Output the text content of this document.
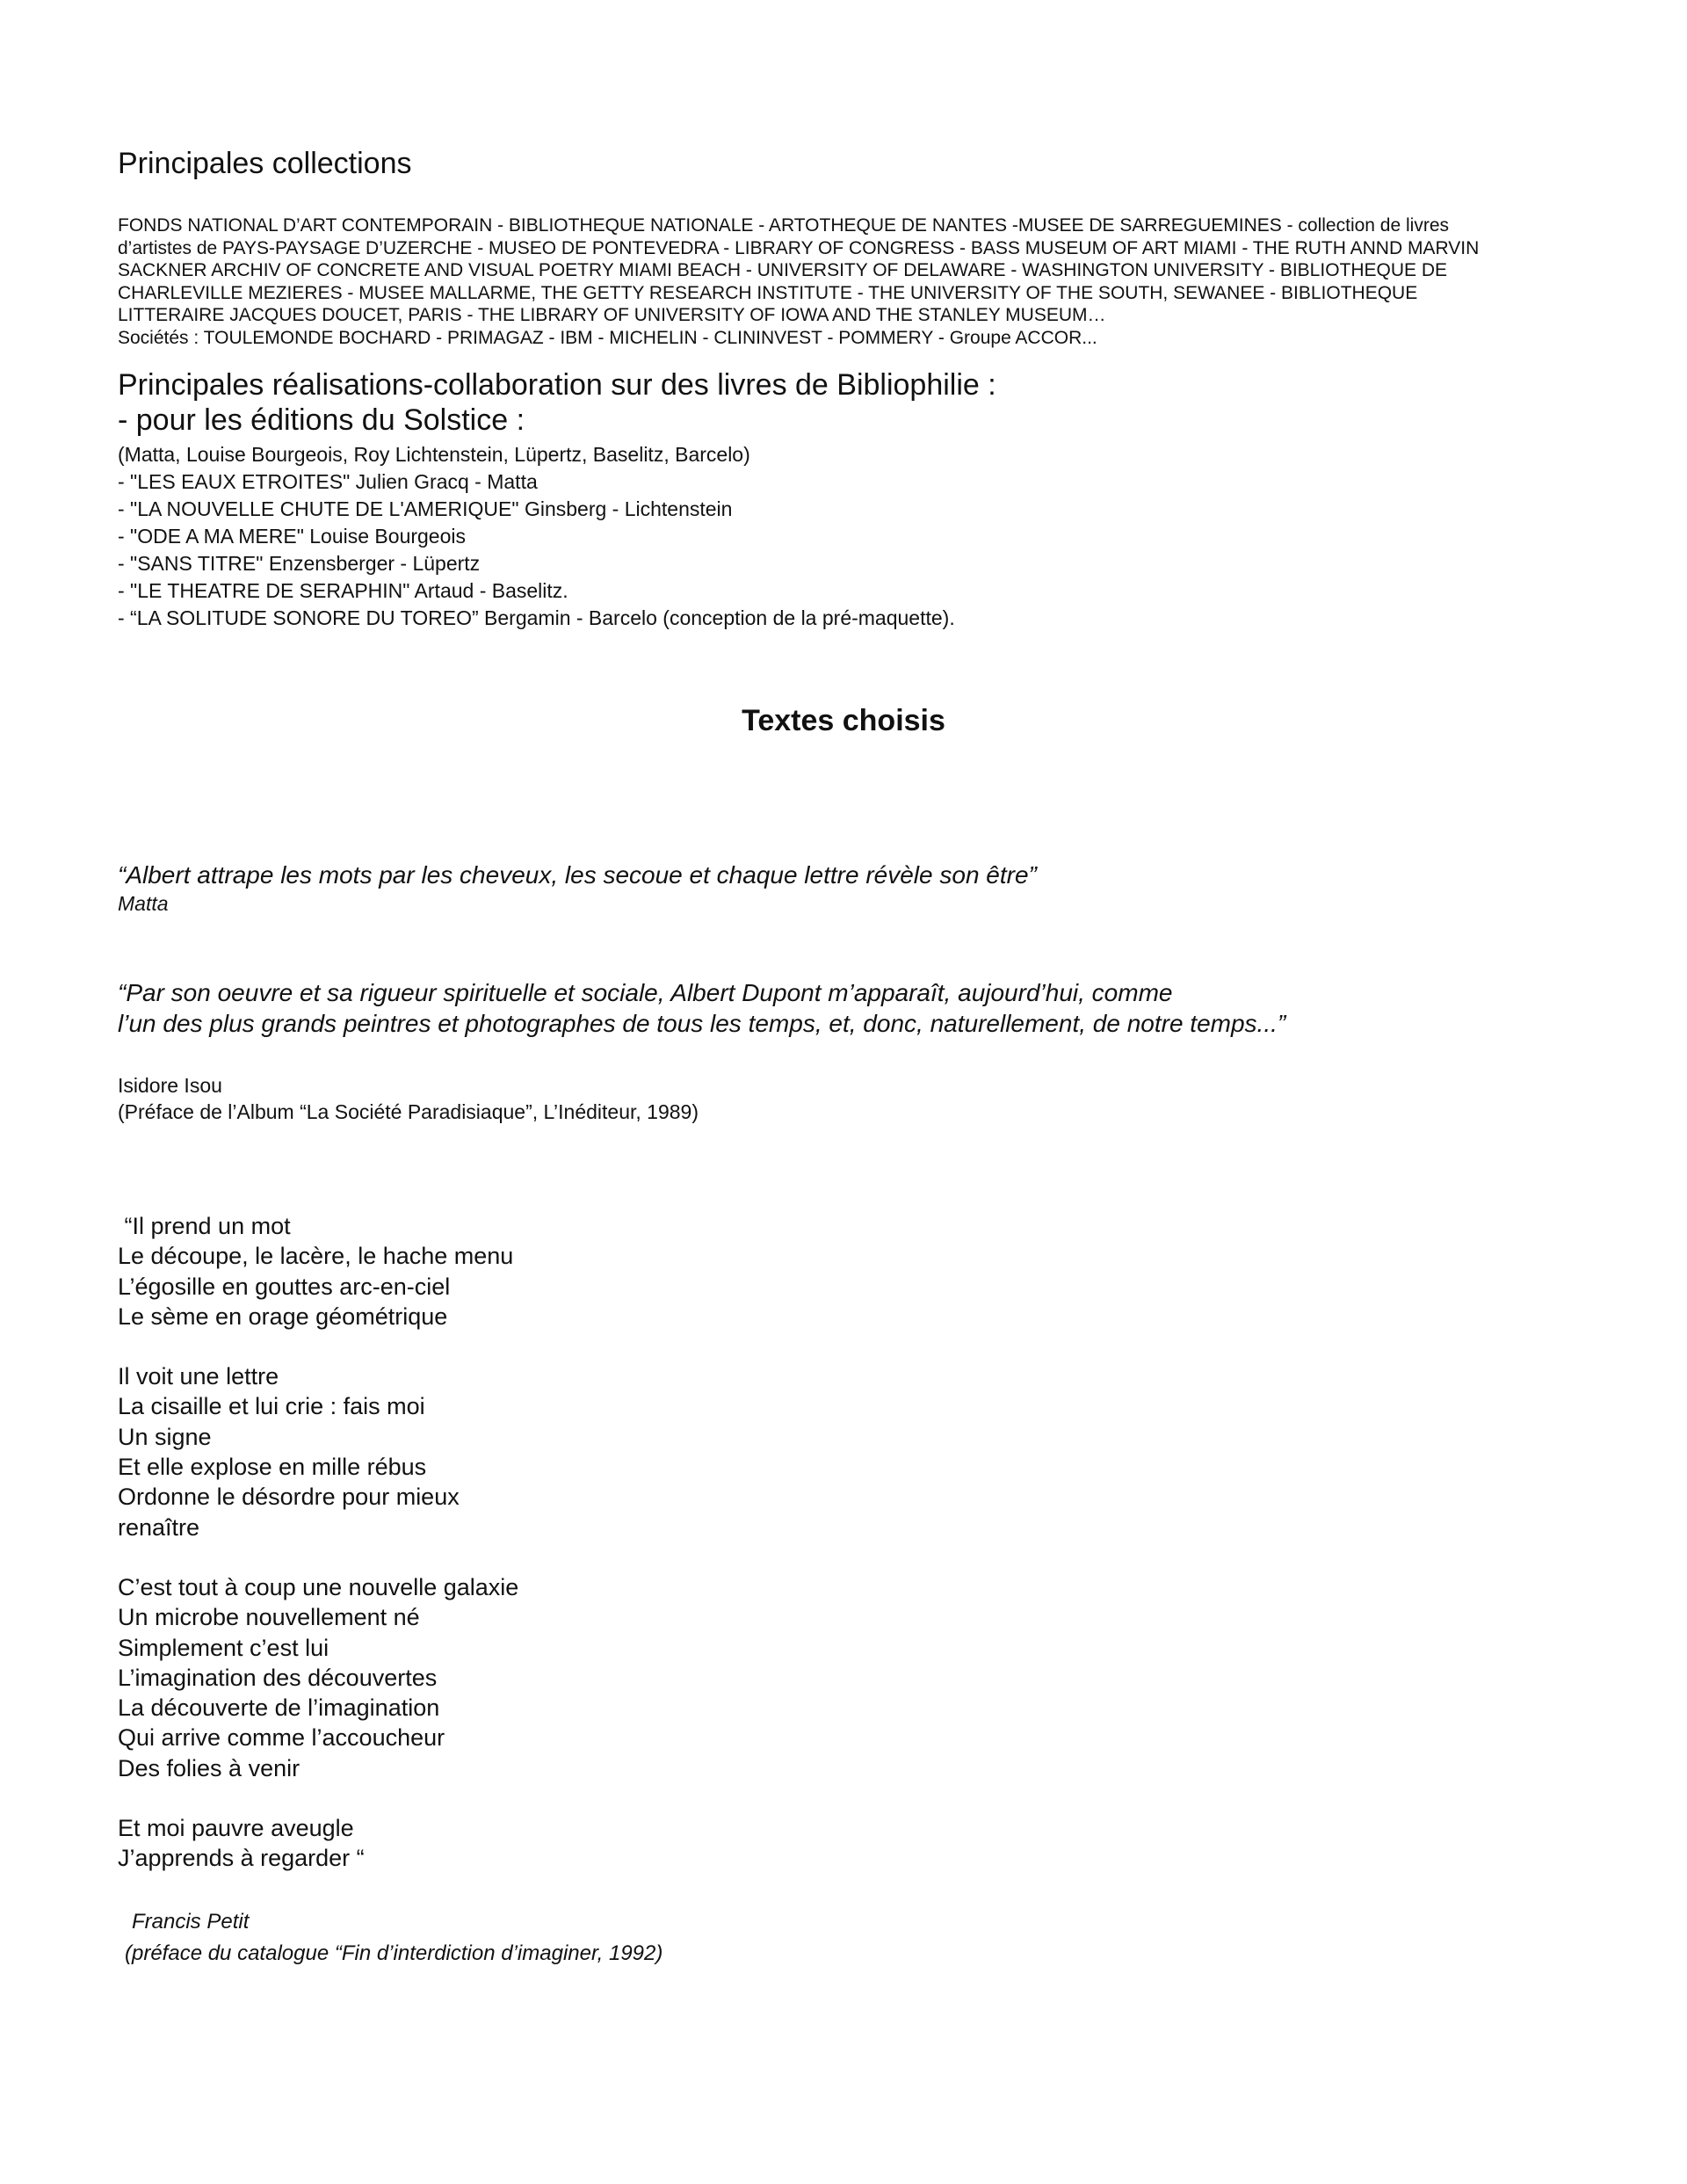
Principales collections
FONDS NATIONAL D’ART CONTEMPORAIN - BIBLIOTHEQUE NATIONALE - ARTOTHEQUE DE NANTES -MUSEE DE SARREGUEMINES - collection de livres
d’artistes de PAYS-PAYSAGE D’UZERCHE - MUSEO DE PONTEVEDRA - LIBRARY OF CONGRESS - BASS MUSEUM OF ART MIAMI - THE RUTH ANND MARVIN
SACKNER ARCHIV OF CONCRETE AND VISUAL POETRY MIAMI BEACH - UNIVERSITY OF DELAWARE - WASHINGTON UNIVERSITY - BIBLIOTHEQUE DE
CHARLEVILLE MEZIERES - MUSEE MALLARME, THE GETTY RESEARCH INSTITUTE - THE UNIVERSITY OF THE SOUTH, SEWANEE - BIBLIOTHEQUE
LITTERAIRE JACQUES DOUCET, PARIS - THE LIBRARY OF UNIVERSITY OF IOWA AND THE STANLEY MUSEUM…
Sociétés : TOULEMONDE BOCHARD - PRIMAGAZ - IBM - MICHELIN - CLININVEST - POMMERY - Groupe ACCOR...
Principales réalisations-collaboration sur des livres de Bibliophilie :
- pour les éditions du Solstice :
(Matta, Louise Bourgeois, Roy Lichtenstein, Lüpertz, Baselitz, Barcelo)
- "LES EAUX ETROITES" Julien Gracq - Matta
- "LA NOUVELLE CHUTE DE L'AMERIQUE" Ginsberg - Lichtenstein
- "ODE A MA MERE" Louise Bourgeois
- "SANS TITRE" Enzensberger - Lüpertz
- "LE THEATRE DE SERAPHIN" Artaud - Baselitz.
- “LA SOLITUDE SONORE DU TOREO” Bergamin - Barcelo (conception de la pré-maquette).
Textes choisis
“Albert attrape les mots par les cheveux, les secoue et chaque lettre révèle son être”
Matta
“Par son oeuvre et sa rigueur spirituelle et sociale, Albert Dupont m’apparaît, aujourd’hui, comme
l’un des plus grands peintres et photographes de tous les temps, et, donc, naturellement, de notre temps...”
Isidore Isou
(Préface de l’Album “La Société Paradisiaque”, L’Inéditeur, 1989)
“Il prend un mot
Le découpe, le lacère, le hache menu
L’égosille en gouttes arc-en-ciel
Le sème en orage géométrique
Il voit une lettre
La cisaille et lui crie : fais moi
Un signe
Et elle explose en mille rébus
Ordonne le désordre pour mieux
renaître
C’est tout à coup une nouvelle galaxie
Un microbe nouvellement né
Simplement c’est lui
L’imagination des découvertes
La découverte de l’imagination
Qui arrive comme l’accoucheur
Des folies à venir
Et moi pauvre aveugle
J’apprends à regarder “
Francis Petit
(préface du catalogue “Fin d’interdiction d’imaginer, 1992)
